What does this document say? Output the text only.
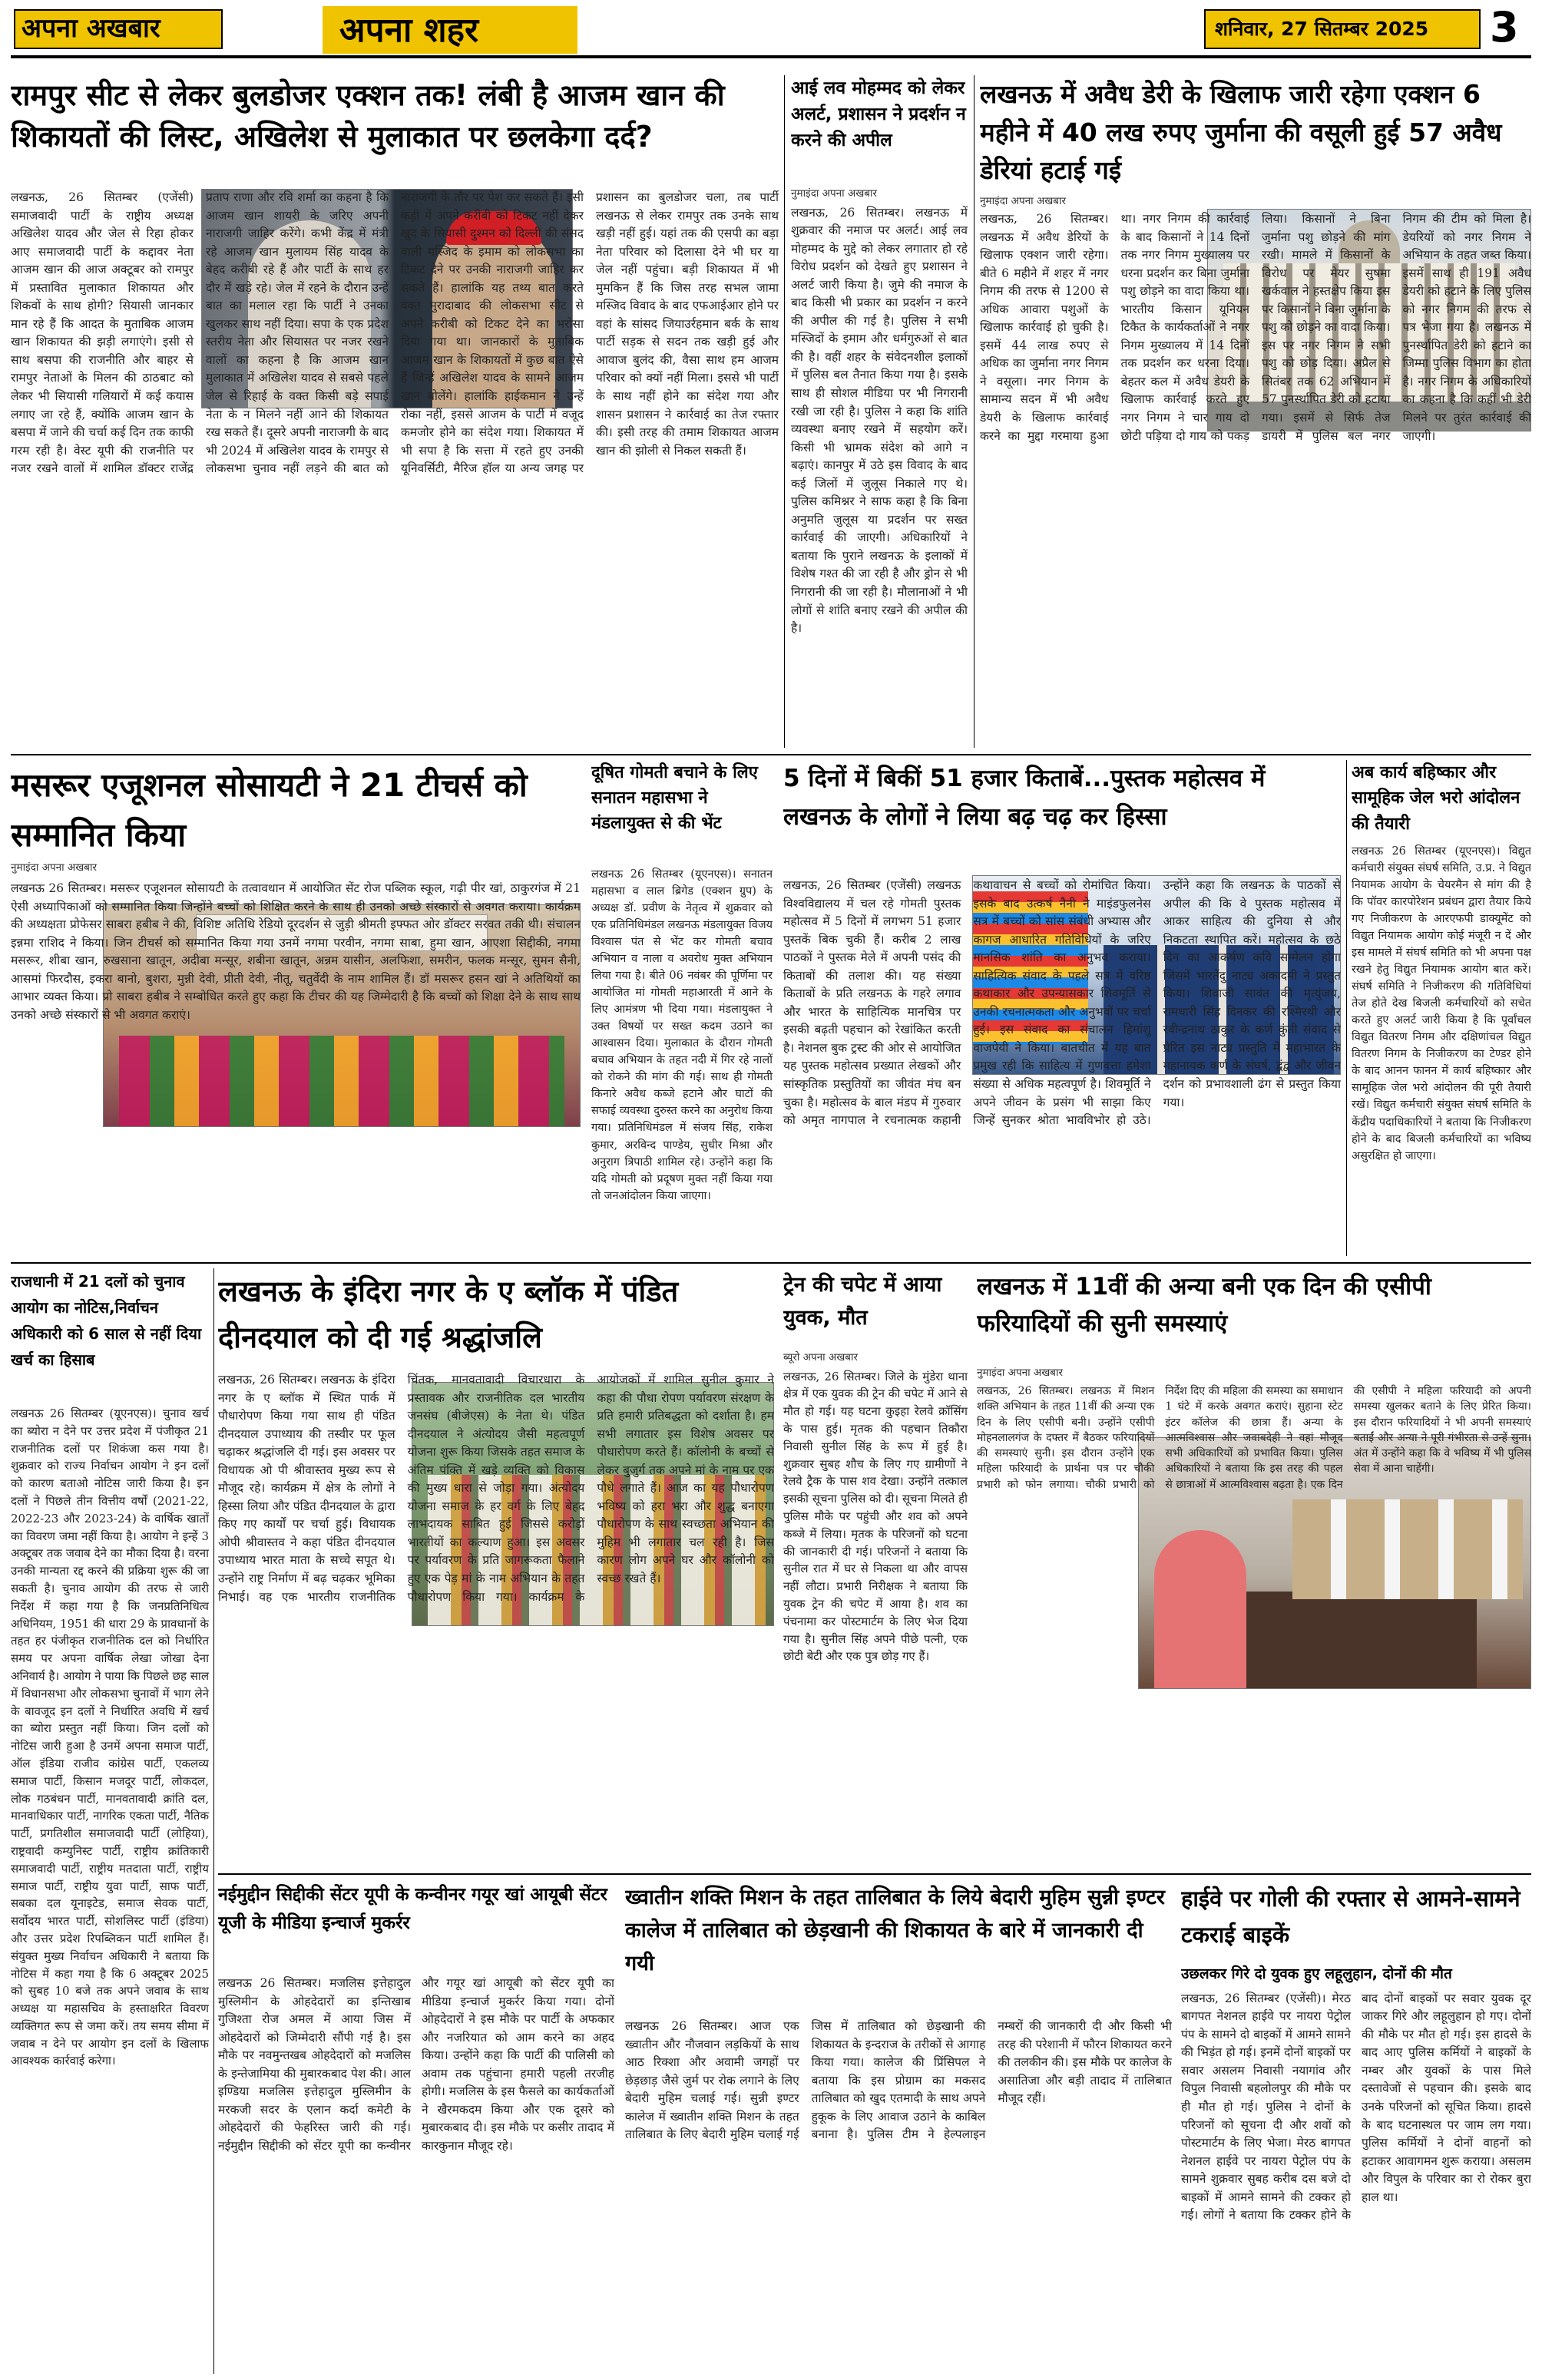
अपना अखबार	अपना शहर	शनिवार, 27 सितम्बर 2025 3
रामपुर सीट से लेकर बुलडोजर एक्शन तक! लंबी है आजम खान की शिकायतों की लिस्ट, अखिलेश से मुलाकात पर छलकेगा दर्द?
लखनऊ, 26 सितम्बर (एजेंसी) समाजवादी पार्टी के राष्ट्रीय अध्यक्ष अखिलेश यादव और जेल से रिहा होकर आए समाजवादी पार्टी के कद्दावर नेता आजम खान की आज अक्टूबर को रामपुर में प्रस्तावित मुलाकात शिकायत और शिकवों के साथ होगी? सियासी जानकार मान रहे हैं कि आदत के मुताबिक आजम खान शिकायत की झड़ी लगाएंगे। इसी से साथ बसपा की राजनीति और बाहर से रामपुर नेताओं के मिलन की ठाठबाट को लेकर भी सियासी गलियारों में कई कयास लगाए जा रहे हैं, क्योंकि आजम खान के बसपा में जाने की चर्चा कई दिन तक काफी गरम रही है। वेस्ट यूपी की राजनीति पर नजर रखने वालों में शामिल डॉक्टर राजेंद्र प्रताप राणा और रवि शर्मा का कहना है कि आजम खान शायरी के जरिए अपनी नाराजगी जाहिर करेंगे। कभी केंद्र में मंत्री रहे आजम खान मुलायम सिंह यादव के बेहद करीबी रहे हैं और पार्टी के साथ हर दौर में खड़े रहे। जेल में रहने के दौरान उन्हें बात का मलाल रहा कि पार्टी ने उनका खुलकर साथ नहीं दिया। सपा के एक प्रदेश स्तरीय नेता और सियासत पर नजर रखने वालों का कहना है कि आजम खान मुलाकात में अखिलेश यादव से सबसे पहले जेल से रिहाई के वक्त किसी बड़े सपाई नेता के न मिलने नहीं आने की शिकायत रख सकते हैं। दूसरे अपनी नाराजगी के बाद भी 2024 में अखिलेश यादव के रामपुर से लोकसभा चुनाव नहीं लड़ने की बात को नाराजगी के तौर पर पेश कर सकते हैं। इसी कड़ी में अपने करीबी को टिकट नहीं देकर खुद के सियासी दुश्मन को दिल्ली की संसद वाली मस्जिद के इमाम को लोकसभा का टिकट देने पर उनकी नाराजगी जाहिर कर सकते हैं। हालांकि यह तथ्य बात करते वक्त मुरादाबाद की लोकसभा सीट से अपने करीबी को टिकट देने का भरोसा दिया गया था। जानकारों के मुताबिक आजम खान के शिकायतों में कुछ बात ऐसे हैं जिन्हें अखिलेश यादव के सामने आजम खान बोलेंगे। हालांकि हाईकमान ने उन्हें रोका नहीं, इससे आजम के पार्टी में वजूद कमजोर होने का संदेश गया। शिकायत में भी सपा है कि सत्ता में रहते हुए उनकी यूनिवर्सिटी, मैरिज हॉल या अन्य जगह पर प्रशासन का बुलडोजर चला, तब पार्टी लखनऊ से लेकर रामपुर तक उनके साथ खड़ी नहीं हुई। यहां तक की एसपी का बड़ा नेता परिवार को दिलासा देने भी घर या जेल नहीं पहुंचा। बड़ी शिकायत में भी मुमकिन हैं कि जिस तरह सभल जामा मस्जिद विवाद के बाद एफआईआर होने पर वहां के सांसद जियाउर्रहमान बर्क के साथ पार्टी सड़क से सदन तक खड़ी हुई और आवाज बुलंद की, वैसा साथ हम आजम परिवार को क्यों नहीं मिला। इससे भी पार्टी के साथ नहीं होने का संदेश गया और शासन प्रशासन ने कार्रवाई का तेज रफ्तार की। इसी तरह की तमाम शिकायत आजम खान की झोली से निकल सकती हैं।
आई लव मोहम्मद को लेकर अलर्ट, प्रशासन ने प्रदर्शन न करने की अपील
नुमाइंदा अपना अखबार
लखनऊ, 26 सितम्बर। लखनऊ में शुक्रवार की नमाज पर अलर्ट। आई लव मोहम्मद के मुद्दे को लेकर लगातार हो रहे विरोध प्रदर्शन को देखते हुए प्रशासन ने अलर्ट जारी किया है। जुमे की नमाज के बाद किसी भी प्रकार का प्रदर्शन न करने की अपील की गई है। पुलिस ने सभी मस्जिदों के इमाम और धर्मगुरुओं से बात की है। वहीं शहर के संवेदनशील इलाकों में पुलिस बल तैनात किया गया है। इसके साथ ही सोशल मीडिया पर भी निगरानी रखी जा रही है। पुलिस ने कहा कि शांति व्यवस्था बनाए रखने में सहयोग करें। किसी भी भ्रामक संदेश को आगे न बढ़ाएं। कानपुर में उठे इस विवाद के बाद कई जिलों में जुलूस निकाले गए थे। पुलिस कमिश्नर ने साफ कहा है कि बिना अनुमति जुलूस या प्रदर्शन पर सख्त कार्रवाई की जाएगी। अधिकारियों ने बताया कि पुराने लखनऊ के इलाकों में विशेष गश्त की जा रही है और ड्रोन से भी निगरानी की जा रही है। मौलानाओं ने भी लोगों से शांति बनाए रखने की अपील की है।
लखनऊ में अवैध डेरी के खिलाफ जारी रहेगा एक्शन 6 महीने में 40 लख रुपए जुर्माना की वसूली हुई 57 अवैध डेरियां हटाई गई
नुमाइंदा अपना अखबार
लखनऊ, 26 सितम्बर। लखनऊ में अवैध डेरियों के खिलाफ एक्शन जारी रहेगा। बीते 6 महीने में शहर में नगर निगम की तरफ से 1200 से अधिक आवारा पशुओं के खिलाफ कार्रवाई हो चुकी है। इसमें 44 लाख रुपए से अधिक का जुर्माना नगर निगम ने वसूला। नगर निगम के सामान्य सदन में भी अवैध डेयरी के खिलाफ कार्रवाई करने का मुद्दा गरमाया हुआ था। नगर निगम की कार्रवाई के बाद किसानों ने 14 दिनों तक नगर निगम मुख्यालय पर धरना प्रदर्शन कर बिना जुर्माना पशु छोड़ने का वादा किया था। भारतीय किसान यूनियन टिकैत के कार्यकर्ताओं ने नगर निगम मुख्यालय में 14 दिनों तक प्रदर्शन कर धरना दिया। बेहतर कल में अवैध डेयरी के खिलाफ कार्रवाई करते हुए नगर निगम ने चार गाय दो छोटी पड़िया दो गाय को पकड़ लिया। किसानों ने बिना जुर्माना पशु छोड़ने की मांग रखी। मामले में किसानों के विरोध पर मेयर सुषमा खर्कवाल ने हस्तक्षेप किया इस पर किसानों ने बिना जुर्माना के पशु को छोड़ने का वादा किया। इस पर नगर निगम ने सभी पशु को छोड़ दिया। अप्रैल से सितंबर तक 62 अभियान में 57 पुनर्स्थापित डेरी को हटाया गया। इसमें से सिर्फ तेज डायरी में पुलिस बल नगर निगम की टीम को मिला है। डेयरियों को नगर निगम ने अभियान के तहत जब्त किया। इसमें साथ ही 191 अवैध डेयरी को हटाने के लिए पुलिस को नगर निगम की तरफ से पत्र भेजा गया है। लखनऊ में पुनर्स्थापित डेरी को हटाने का जिम्मा पुलिस विभाग का होता है। नगर निगम के अधिकारियों का कहना है कि कहीं भी डेरी मिलने पर तुरंत कार्रवाई की जाएगी।
मसरूर एजूशनल सोसायटी ने 21 टीचर्स को सम्मानित किया
नुमाइंदा अपना अखबार
लखनऊ 26 सितम्बर। मसरूर एजूशनल सोसायटी के तत्वावधान में आयोजित सेंट रोज पब्लिक स्कूल, गढ़ी पीर खां, ठाकुरगंज में 21 ऐसी अध्यापिकाओं को सम्मानित किया जिन्होंने बच्चों को शिक्षित करने के साथ ही उनको अच्छे संस्कारों से अवगत कराया। कार्यक्रम की अध्यक्षता प्रोफेसर साबरा हबीब ने की, विशिष्ट अतिथि रेडियो दूरदर्शन से जुड़ी श्रीमती इफ्फत ओर डॉक्टर सरवत तकी थी। संचालन इन्नमा राशिद ने किया। जिन टीचर्स को सम्मानित किया गया उनमें नगमा परवीन, नगमा साबा, हुमा खान, आएशा सिद्दीकी, नगमा मसरूर, शीबा खान, रुखसाना खातून, अदीबा मन्सूर, शबीना खातून, अन्नम यासीन, अलफिशा, समरीन, फलक मन्सूर, सुमन सैनी, आसमां फिरदौस, इकरा बानो, बुशरा, मुन्नी देवी, प्रीती देवी, नीतू, चतुर्वेदी के नाम शामिल हैं। डॉ मसरूर हसन खां ने अतिथियों का आभार व्यक्त किया। प्रो साबरा हबीब ने सम्बोधित करते हुए कहा कि टीचर की यह जिम्मेदारी है कि बच्चों को शिक्षा देने के साथ साथ उनको अच्छे संस्कारों से भी अवगत कराएं।
दूषित गोमती बचाने के लिए सनातन महासभा ने मंडलायुक्त से की भेंट
लखनऊ 26 सितम्बर (यूएनएस)। सनातन महासभा व लाल ब्रिगेड (एक्शन ग्रुप) के अध्यक्ष डॉ. प्रवीण के नेतृत्व में शुक्रवार को एक प्रतिनिधिमंडल लखनऊ मंडलायुक्त विजय विश्वास पंत से भेंट कर गोमती बचाव अभियान व नाला व अवरोध मुक्त अभियान लिया गया है। बीते 06 नवंबर की पूर्णिमा पर आयोजित मां गोमती महाआरती में आने के लिए आमंत्रण भी दिया गया। मंडलायुक्त ने उक्त विषयों पर सख्त कदम उठाने का आश्वासन दिया। मुलाकात के दौरान गोमती बचाव अभियान के तहत नदी में गिर रहे नालों को रोकने की मांग की गई। साथ ही गोमती किनारे अवैध कब्जे हटाने और घाटों की सफाई व्यवस्था दुरुस्त करने का अनुरोध किया गया। प्रतिनिधिमंडल में संजय सिंह, राकेश कुमार, अरविन्द पाण्डेय, सुधीर मिश्रा और अनुराग त्रिपाठी शामिल रहे। उन्होंने कहा कि यदि गोमती को प्रदूषण मुक्त नहीं किया गया तो जनआंदोलन किया जाएगा।
5 दिनों में बिकीं 51 हजार किताबें...पुस्तक महोत्सव में लखनऊ के लोगों ने लिया बढ़ चढ़ कर हिस्सा
लखनऊ, 26 सितम्बर (एजेंसी) लखनऊ विश्वविद्यालय में चल रहे गोमती पुस्तक महोत्सव में 5 दिनों में लगभग 51 हजार पुस्तकें बिक चुकी हैं। करीब 2 लाख पाठकों ने पुस्तक मेले में अपनी पसंद की किताबों की तलाश की। यह संख्या किताबों के प्रति लखनऊ के गहरे लगाव और भारत के साहित्यिक मानचित्र पर इसकी बढ़ती पहचान को रेखांकित करती है। नेशनल बुक ट्रस्ट की ओर से आयोजित यह पुस्तक महोत्सव प्रख्यात लेखकों और सांस्कृतिक प्रस्तुतियों का जीवंत मंच बन चुका है। महोत्सव के बाल मंडप में गुरुवार को अमृत नागपाल ने रचनात्मक कहानी कथावाचन से बच्चों को रोमांचित किया। इसके बाद उत्कर्ष नैनी ने माइंडफुलनेस सत्र में बच्चों को सांस संबंधी अभ्यास और कागज आधारित गतिविधियों के जरिए मानसिक शांति का अनुभव कराया। साहित्यिक संवाद के पहले सत्र में वरिष्ठ कथाकार और उपन्यासकार शिवमूर्ति से उनकी रचनात्मकता और अनुभवों पर चर्चा हुई। इस संवाद का संचालन हिमांशु वाजपेयी ने किया। बातचीत में यह बात प्रमुख रही कि साहित्य में गुणवत्ता हमेशा संख्या से अधिक महत्वपूर्ण है। शिवमूर्ति ने अपने जीवन के प्रसंग भी साझा किए जिन्हें सुनकर श्रोता भावविभोर हो उठे। उन्होंने कहा कि लखनऊ के पाठकों से अपील की कि वे पुस्तक महोत्सव में आकर साहित्य की दुनिया से और निकटता स्थापित करें। महोत्सव के छठे दिन का आकर्षण कवि सम्मेलन होगा जिसमें भारतेंदु नाट्य अकादमी ने प्रस्तुत किया। शिवाजी सावंत की मृत्युंजय, रामधारी सिंह दिनकर की रश्मिरथी और रवीन्द्रनाथ ठाकुर के कर्ण कुंती संवाद से प्रेरित इस नाट्य प्रस्तुति में महाभारत के महानायक कर्ण के संघर्ष, द्वंद्व और जीवन दर्शन को प्रभावशाली ढंग से प्रस्तुत किया गया।
अब कार्य बहिष्कार और सामूहिक जेल भरो आंदोलन की तैयारी
लखनऊ 26 सितम्बर (यूएनएस)। विद्युत कर्मचारी संयुक्त संघर्ष समिति, उ.प्र. ने विद्युत नियामक आयोग के चेयरमैन से मांग की है कि पॉवर कारपोरेशन प्रबंधन द्वारा तैयार किये गए निजीकरण के आरएफपी डाक्यूमेंट को विद्युत नियामक आयोग कोई मंजूरी न दें और इस मामले में संघर्ष समिति को भी अपना पक्ष रखने हेतु विद्युत नियामक आयोग बात करें। संघर्ष समिति ने निजीकरण की गतिविधियां तेज होते देख बिजली कर्मचारियों को सचेत करते हुए अलर्ट जारी किया है कि पूर्वांचल विद्युत वितरण निगम और दक्षिणांचल विद्युत वितरण निगम के निजीकरण का टेण्डर होने के बाद आनन फानन में कार्य बहिष्कार और सामूहिक जेल भरो आंदोलन की पूरी तैयारी रखें। विद्युत कर्मचारी संयुक्त संघर्ष समिति के केंद्रीय पदाधिकारियों ने बताया कि निजीकरण होने के बाद बिजली कर्मचारियों का भविष्य असुरक्षित हो जाएगा।
राजधानी में 21 दलों को चुनाव आयोग का नोटिस,निर्वाचन अधिकारी को 6 साल से नहीं दिया खर्च का हिसाब
लखनऊ 26 सितम्बर (यूएनएस)। चुनाव खर्च का ब्योरा न देने पर उत्तर प्रदेश में पंजीकृत 21 राजनीतिक दलों पर शिकंजा कस गया है। शुक्रवार को राज्य निर्वाचन आयोग ने इन दलों को कारण बताओ नोटिस जारी किया है। इन दलों ने पिछले तीन वित्तीय वर्षों (2021-22, 2022-23 और 2023-24) के वार्षिक खातों का विवरण जमा नहीं किया है। आयोग ने इन्हें 3 अक्टूबर तक जवाब देने का मौका दिया है। वरना उनकी मान्यता रद्द करने की प्रक्रिया शुरू की जा सकती है। चुनाव आयोग की तरफ से जारी निर्देश में कहा गया है कि जनप्रतिनिधित्व अधिनियम, 1951 की धारा 29 के प्रावधानों के तहत हर पंजीकृत राजनीतिक दल को निर्धारित समय पर अपना वार्षिक लेखा जोखा देना अनिवार्य है। आयोग ने पाया कि पिछले छह साल में विधानसभा और लोकसभा चुनावों में भाग लेने के बावजूद इन दलों ने निर्धारित अवधि में खर्च का ब्योरा प्रस्तुत नहीं किया। जिन दलों को नोटिस जारी हुआ है उनमें अपना समाज पार्टी, ऑल इंडिया राजीव कांग्रेस पार्टी, एकलव्य समाज पार्टी, किसान मजदूर पार्टी, लोकदल, लोक गठबंधन पार्टी, मानवतावादी क्रांति दल, मानवाधिकार पार्टी, नागरिक एकता पार्टी, नैतिक पार्टी, प्रगतिशील समाजवादी पार्टी (लोहिया), राष्ट्रवादी कम्युनिस्ट पार्टी, राष्ट्रीय क्रांतिकारी समाजवादी पार्टी, राष्ट्रीय मतदाता पार्टी, राष्ट्रीय समाज पार्टी, राष्ट्रीय युवा पार्टी, साफ पार्टी, सबका दल यूनाइटेड, समाज सेवक पार्टी, सर्वोदय भारत पार्टी, सोशलिस्ट पार्टी (इंडिया) और उत्तर प्रदेश रिपब्लिकन पार्टी शामिल हैं। संयुक्त मुख्य निर्वाचन अधिकारी ने बताया कि नोटिस में कहा गया है कि 6 अक्टूबर 2025 को सुबह 10 बजे तक अपने जवाब के साथ अध्यक्ष या महासचिव के हस्ताक्षरित विवरण व्यक्तिगत रूप से जमा करें। तय समय सीमा में जवाब न देने पर आयोग इन दलों के खिलाफ आवश्यक कार्रवाई करेगा।
लखनऊ के इंदिरा नगर के ए ब्लॉक में पंडित दीनदयाल को दी गई श्रद्धांजलि
लखनऊ, 26 सितम्बर। लखनऊ के इंदिरा नगर के ए ब्लॉक में स्थित पार्क में पौधारोपण किया गया साथ ही पंडित दीनदयाल उपाध्याय की तस्वीर पर फूल चढ़ाकर श्रद्धांजलि दी गई। इस अवसर पर विधायक ओ पी श्रीवास्तव मुख्य रूप से मौजूद रहे। कार्यक्रम में क्षेत्र के लोगों ने हिस्सा लिया और पंडित दीनदयाल के द्वारा किए गए कार्यों पर चर्चा हुई। विधायक ओपी श्रीवास्तव ने कहा पंडित दीनदयाल उपाध्याय भारत माता के सच्चे सपूत थे। उन्होंने राष्ट्र निर्माण में बढ़ चढ़कर भूमिका निभाई। वह एक भारतीय राजनीतिक चिंतक, मानवतावादी विचारधारा के प्रस्तावक और राजनीतिक दल भारतीय जनसंघ (बीजेएस) के नेता थे। पंडित दीनदयाल ने अंत्योदय जैसी महत्वपूर्ण योजना शुरू किया जिसके तहत समाज के अंतिम पंक्ति में खड़े व्यक्ति को विकास की मुख्य धारा से जोड़ा गया। अंत्योदय योजना समाज के हर वर्ग के लिए बेहद लाभदायक साबित हुई जिससे करोड़ों भारतीयों का कल्याण हुआ। इस अवसर पर पर्यावरण के प्रति जागरूकता फैलाने हुए एक पेड़ मां के नाम अभियान के तहत पौधारोपण किया गया। कार्यक्रम के आयोजकों में शामिल सुनील कुमार ने कहा की पौधा रोपण पर्यावरण संरक्षण के प्रति हमारी प्रतिबद्धता को दर्शाता है। हम सभी लगातार इस विशेष अवसर पर पौधारोपण करते हैं। कॉलोनी के बच्चों से लेकर बुजुर्ग तक अपने मां के नाम पर एक पौधे लगाते हैं। आज का यह पौधारोपण भविष्य को हरा भरा और शुद्ध बनाएगा पौधारोपण के साथ स्वच्छता अभियान की मुहिम भी लगातार चल रही है। जिस कारण लोग अपने घर और कॉलोनी को स्वच्छ रखते हैं।
ट्रेन की चपेट में आया युवक, मौत
ब्यूरो अपना अखबार
लखनऊ, 26 सितम्बर। जिले के मुंडेरा थाना क्षेत्र में एक युवक की ट्रेन की चपेट में आने से मौत हो गई। यह घटना कुइहा रेलवे क्रॉसिंग के पास हुई। मृतक की पहचान तिकौरा निवासी सुनील सिंह के रूप में हुई है। शुक्रवार सुबह शौच के लिए गए ग्रामीणों ने रेलवे ट्रैक के पास शव देखा। उन्होंने तत्काल इसकी सूचना पुलिस को दी। सूचना मिलते ही पुलिस मौके पर पहुंची और शव को अपने कब्जे में लिया। मृतक के परिजनों को घटना की जानकारी दी गई। परिजनों ने बताया कि सुनील रात में घर से निकला था और वापस नहीं लौटा। प्रभारी निरीक्षक ने बताया कि युवक ट्रेन की चपेट में आया है। शव का पंचनामा कर पोस्टमार्टम के लिए भेज दिया गया है। सुनील सिंह अपने पीछे पत्नी, एक छोटी बेटी और एक पुत्र छोड़ गए हैं।
लखनऊ में 11वीं की अन्या बनी एक दिन की एसीपी फरियादियों की सुनी समस्याएं
नुमाइंदा अपना अखबार
लखनऊ, 26 सितम्बर। लखनऊ में मिशन शक्ति अभियान के तहत 11वीं की अन्या एक दिन के लिए एसीपी बनी। उन्होंने एसीपी मोहनलालगंज के दफ्तर में बैठकर फरियादियों की समस्याएं सुनी। इस दौरान उन्होंने एक महिला फरियादी के प्रार्थना पत्र पर चौकी प्रभारी को फोन लगाया। चौकी प्रभारी को निर्देश दिए की महिला की समस्या का समाधान 1 घंटे में करके अवगत कराएं। सुहाना स्टेट इंटर कॉलेज की छात्रा हैं। अन्या के आत्मविश्वास और जवाबदेही ने वहां मौजूद सभी अधिकारियों को प्रभावित किया। पुलिस अधिकारियों ने बताया कि इस तरह की पहल से छात्राओं में आत्मविश्वास बढ़ता है। एक दिन की एसीपी ने महिला फरियादी को अपनी समस्या खुलकर बताने के लिए प्रेरित किया। इस दौरान फरियादियों ने भी अपनी समस्याएं बताईं और अन्या ने पूरी गंभीरता से उन्हें सुना। अंत में उन्होंने कहा कि वे भविष्य में भी पुलिस सेवा में आना चाहेंगी।
नईमुद्दीन सिद्दीकी सेंटर यूपी के कन्वीनर गयूर खां आयूबी सेंटर यूजी के मीडिया इन्चार्ज मुकर्रर
लखनऊ 26 सितम्बर। मजलिस इत्तेहादुल मुस्लिमीन के ओहदेदारों का इन्तिखाब गुजिश्ता रोज अमल में आया जिस में ओहदेदारों को जिम्मेदारी सौंपी गई है। इस मौके पर नवमुन्तखब ओहदेदारों को मजलिस के इन्तेजामिया की मुबारकबाद पेश की। आल इण्डिया मजलिस इत्तेहादुल मुस्लिमीन के मरकजी सदर के एलान कर्दा कमेटी के ओहदेदारों की फेहरिस्त जारी की गई। नईमुद्दीन सिद्दीकी को सेंटर यूपी का कन्वीनर और गयूर खां आयूबी को सेंटर यूपी का मीडिया इन्चार्ज मुकर्रर किया गया। दोनों ओहदेदारों ने इस मौके पर पार्टी के अफकार और नजरियात को आम करने का अहद किया। उन्होंने कहा कि पार्टी की पालिसी को अवाम तक पहुंचाना हमारी पहली तरजीह होगी। मजलिस के इस फैसले का कार्यकर्ताओं ने खैरमकदम किया और एक दूसरे को मुबारकबाद दी। इस मौके पर कसीर तादाद में कारकुनान मौजूद रहे।
ख्वातीन शक्ति मिशन के तहत तालिबात के लिये बेदारी मुहिम सुन्नी इण्टर कालेज में तालिबात को छेड़खानी की शिकायत के बारे में जानकारी दी गयी
लखनऊ 26 सितम्बर। आज एक ख्वातीन और नौजवान लड़कियों के साथ आठ रिक्शा और अवामी जगहों पर छेड़छाड़ जैसे जुर्म पर रोक लगाने के लिए बेदारी मुहिम चलाई गई। सुन्नी इण्टर कालेज में ख्वातीन शक्ति मिशन के तहत तालिबात के लिए बेदारी मुहिम चलाई गई जिस में तालिबात को छेड़खानी की शिकायत के इन्दराज के तरीकों से आगाह किया गया। कालेज की प्रिंसिपल ने बताया कि इस प्रोग्राम का मकसद तालिबात को खुद एतमादी के साथ अपने हुकूक के लिए आवाज उठाने के काबिल बनाना है। पुलिस टीम ने हेल्पलाइन नम्बरों की जानकारी दी और किसी भी तरह की परेशानी में फौरन शिकायत करने की तलकीन की। इस मौके पर कालेज के असातिजा और बड़ी तादाद में तालिबात मौजूद रहीं।
हाईवे पर गोली की रफ्तार से आमने-सामने टकराई बाइकें
उछलकर गिरे दो युवक हुए लहूलुहान, दोनों की मौत
लखनऊ, 26 सितम्बर (एजेंसी)। मेरठ बागपत नेशनल हाईवे पर नायरा पेट्रोल पंप के सामने दो बाइकों में आमने सामने की भिड़ंत हो गई। इनमें दोनों बाइकों पर सवार असलम निवासी नयागांव और विपुल निवासी बहलोलपुर की मौके पर ही मौत हो गई। पुलिस ने दोनों के परिजनों को सूचना दी और शवों को पोस्टमार्टम के लिए भेजा। मेरठ बागपत नेशनल हाईवे पर नायरा पेट्रोल पंप के सामने शुक्रवार सुबह करीब दस बजे दो बाइकों में आमने सामने की टक्कर हो गई। लोगों ने बताया कि टक्कर होने के बाद दोनों बाइकों पर सवार युवक दूर जाकर गिरे और लहूलुहान हो गए। दोनों की मौके पर मौत हो गई। इस हादसे के बाद आए पुलिस कर्मियों ने बाइकों के नम्बर और युवकों के पास मिले दस्तावेजों से पहचान की। इसके बाद उनके परिजनों को सूचित किया। हादसे के बाद घटनास्थल पर जाम लग गया। पुलिस कर्मियों ने दोनों वाहनों को हटाकर आवागमन शुरू कराया। असलम और विपुल के परिवार का रो रोकर बुरा हाल था।
